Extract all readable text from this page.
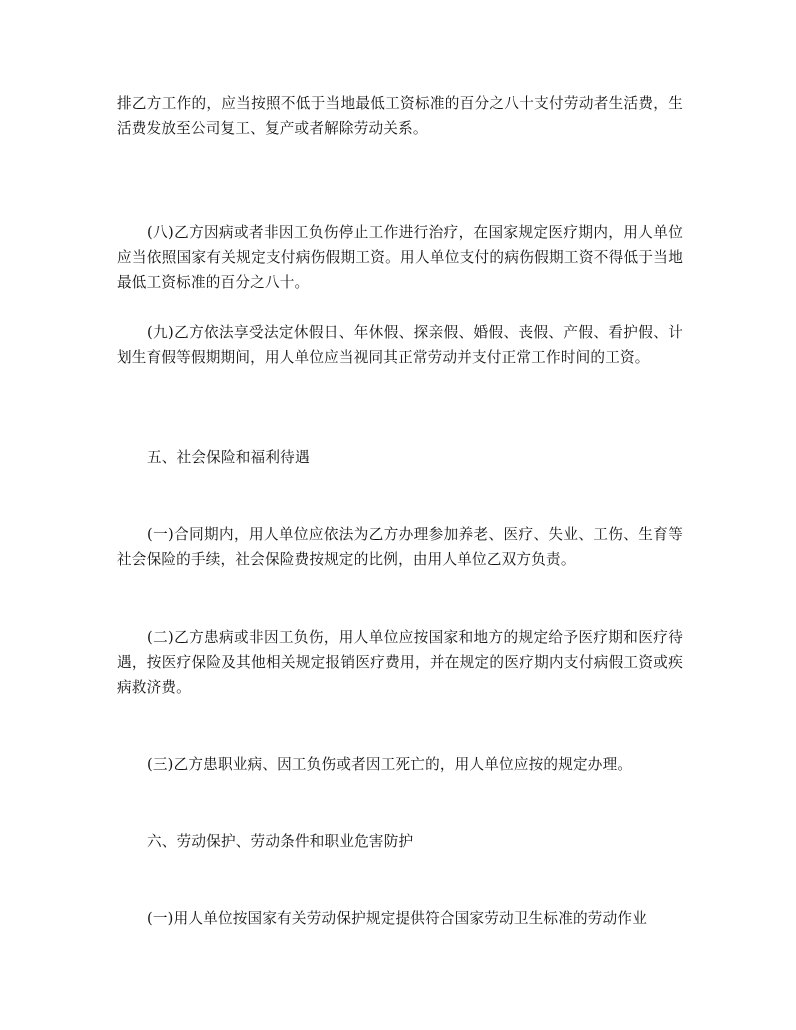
排乙方工作的，应当按照不低于当地最低工资标准的百分之八十支付劳动者生活费，生活费发放至公司复工、复产或者解除劳动关系。

(八)乙方因病或者非因工负伤停止工作进行治疗，在国家规定医疗期内，用人单位应当依照国家有关规定支付病伤假期工资。用人单位支付的病伤假期工资不得低于当地最低工资标准的百分之八十。

(九)乙方依法享受法定休假日、年休假、探亲假、婚假、丧假、产假、看护假、计划生育假等假期期间，用人单位应当视同其正常劳动并支付正常工作时间的工资。

五、社会保险和福利待遇

(一)合同期内，用人单位应依法为乙方办理参加养老、医疗、失业、工伤、生育等社会保险的手续，社会保险费按规定的比例，由用人单位乙双方负责。

(二)乙方患病或非因工负伤，用人单位应按国家和地方的规定给予医疗期和医疗待遇，按医疗保险及其他相关规定报销医疗费用，并在规定的医疗期内支付病假工资或疾病救济费。

(三)乙方患职业病、因工负伤或者因工死亡的，用人单位应按的规定办理。

六、劳动保护、劳动条件和职业危害防护

(一)用人单位按国家有关劳动保护规定提供符合国家劳动卫生标准的劳动作业
